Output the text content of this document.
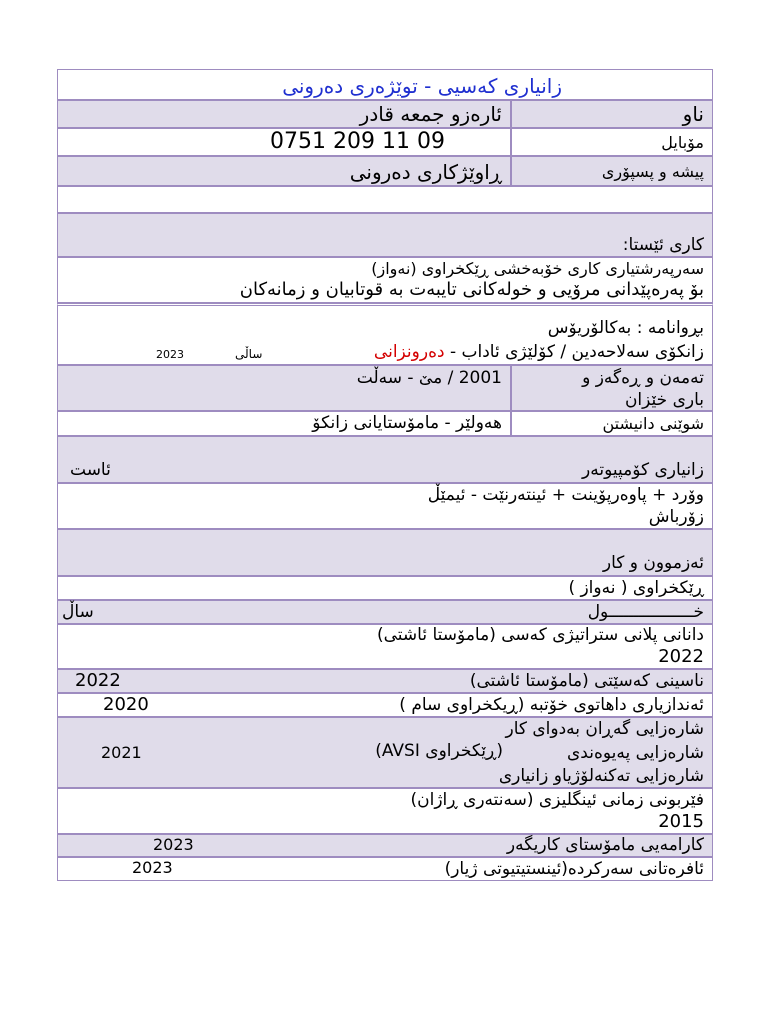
زانیاری کەسیی - توێژەری دەرونی
ناو
ئارەزو جمعه قادر
مۆبایل
0751 209 11 09
پیشە و پسپۆری
ڕاوێژکاری دەرونی
کاری ئێستا:
سەرپەرشتیاری کاری خۆبەخشی ڕێکخراوی (نەواز)
بۆ پەرەپێدانی مرۆیی و خولەکانی تایبەت بە قوتابیان و زمانەکان
بڕوانامە : بەکالۆریۆس
زانکۆی سەلاحەدین / کۆلێژی ئاداب - دەرونزانی
ساڵی
2023
تەمەن و ڕەگەز و
باری خێزان
2001 / مێ - سەڵت
شوێنی دانیشتن
هەولێر - مامۆستایانی زانکۆ
زانیاری کۆمپیوتەر
ئاست
وۆرد + پاوەرپۆینت + ئینتەرنێت - ئیمێڵ
زۆرباش
ئەزموون و کار
ڕێکخراوی ( نەواز )
خـــــــــــــــــول
ساڵ
دانانی پلانی ستراتیژی کەسی (مامۆستا ئاشتی)
2022
ناسینی کەسێتی (مامۆستا ئاشتی)
2022
ئەندازیاری داهاتوی خۆتبە (ڕیکخراوی سام )
2020
شارەزایی گەڕان بەدوای کار
شارەزایی پەیوەندی
(ڕێکخراوی AVSI)
شارەزایی تەکنەلۆژیاو زانیاری
2021
فێربونی زمانی ئینگلیزی (سەنتەری ڕاژان)
2015
کارامەیی مامۆستای کاریگەر
2023
ئافرەتانی سەرکردە(ئینستیتیوتی ژیار)
2023
